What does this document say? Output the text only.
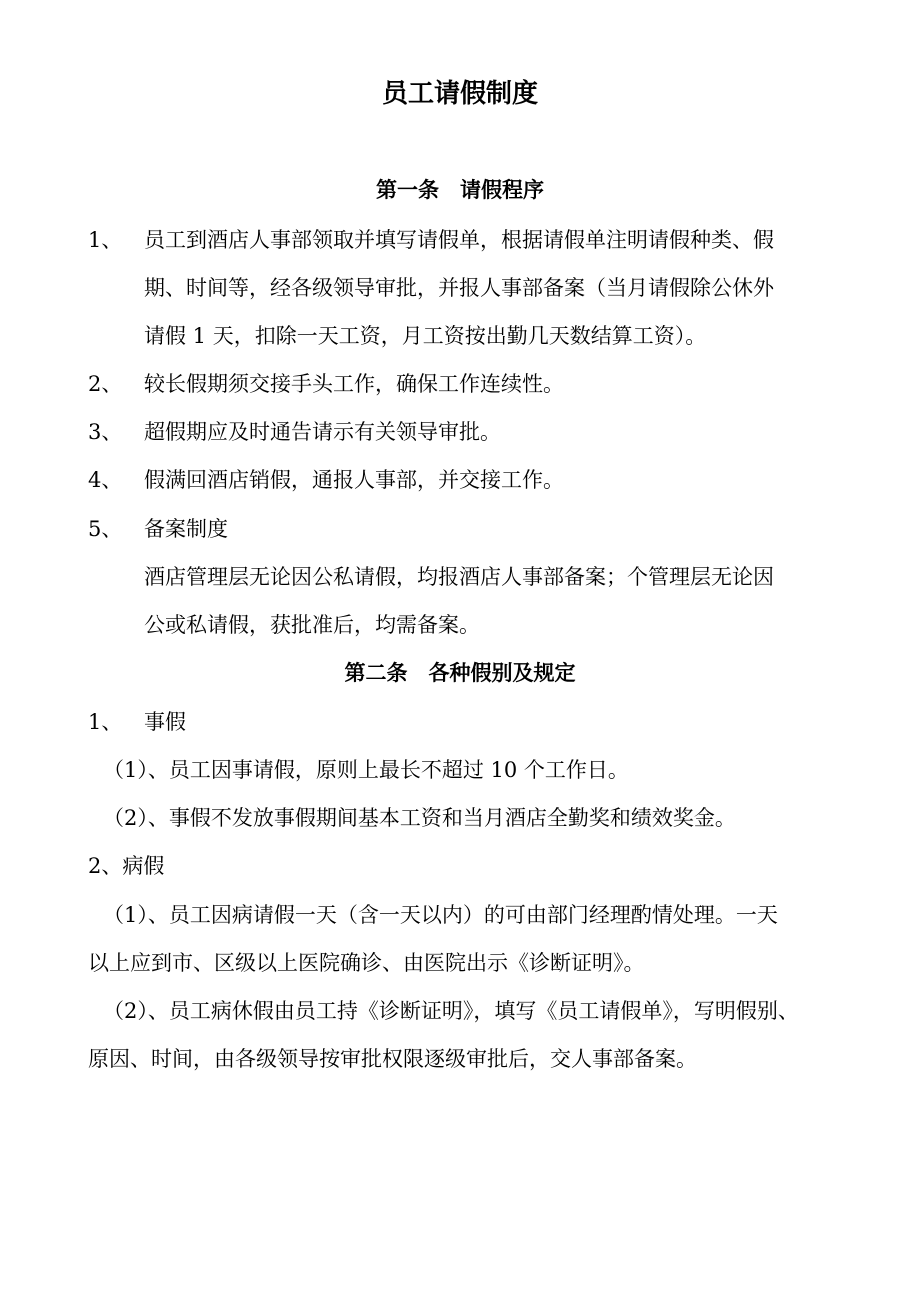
员工请假制度
第一条　请假程序
1、 员工到酒店人事部领取并填写请假单，根据请假单注明请假种类、假
期、时间等，经各级领导审批，并报人事部备案（当月请假除公休外
请假 1 天，扣除一天工资，月工资按出勤几天数结算工资）。
2、 较长假期须交接手头工作，确保工作连续性。
3、 超假期应及时通告请示有关领导审批。
4、 假满回酒店销假，通报人事部，并交接工作。
5、 备案制度
酒店管理层无论因公私请假，均报酒店人事部备案；个管理层无论因
公或私请假，获批准后，均需备案。
第二条　各种假别及规定
1、 事假
（1）、员工因事请假，原则上最长不超过 10 个工作日。
（2）、事假不发放事假期间基本工资和当月酒店全勤奖和绩效奖金。
2、病假
（1）、员工因病请假一天（含一天以内）的可由部门经理酌情处理。一天
以上应到市、区级以上医院确诊、由医院出示《诊断证明》。
（2）、员工病休假由员工持《诊断证明》，填写《员工请假单》，写明假别、
原因、时间，由各级领导按审批权限逐级审批后，交人事部备案。
